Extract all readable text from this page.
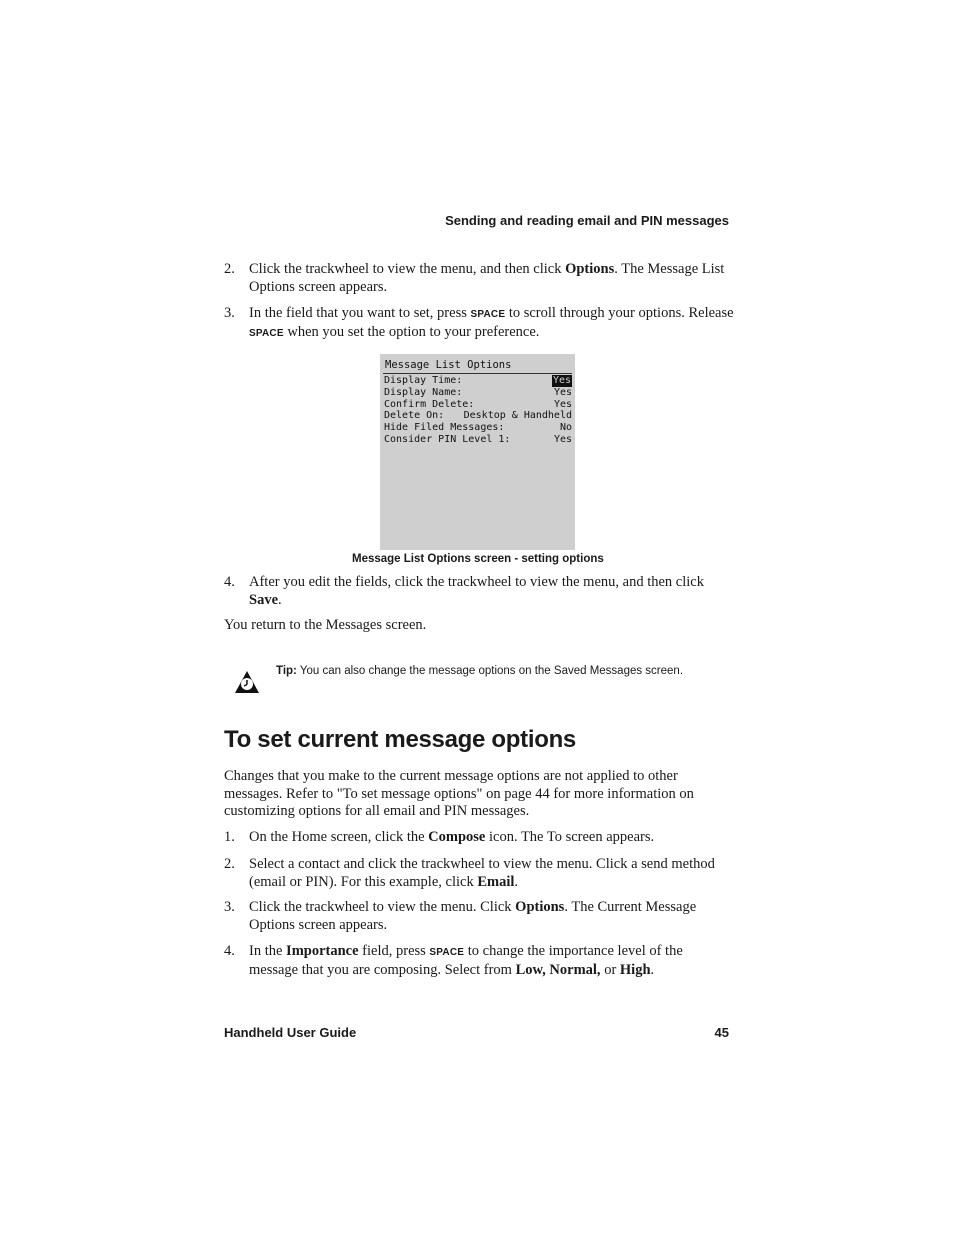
Sending and reading email and PIN messages
2. Click the trackwheel to view the menu, and then click Options. The Message List Options screen appears.
3. In the field that you want to set, press SPACE to scroll through your options. Release SPACE when you set the option to your preference.
Message List Options
Display Time:	Yes
Display Name:	Yes
Confirm Delete:	Yes
Delete On: Desktop & Handheld
Hide Filed Messages:	No
Consider PIN Level 1:	Yes
Message List Options screen - setting options
4. After you edit the fields, click the trackwheel to view the menu, and then click Save.
You return to the Messages screen.
Tip: You can also change the message options on the Saved Messages screen.
To set current message options
Changes that you make to the current message options are not applied to other messages. Refer to "To set message options" on page 44 for more information on customizing options for all email and PIN messages.
1. On the Home screen, click the Compose icon. The To screen appears.
2. Select a contact and click the trackwheel to view the menu. Click a send method (email or PIN). For this example, click Email.
3. Click the trackwheel to view the menu. Click Options. The Current Message Options screen appears.
4. In the Importance field, press SPACE to change the importance level of the message that you are composing. Select from Low, Normal, or High.
Handheld User Guide	45
